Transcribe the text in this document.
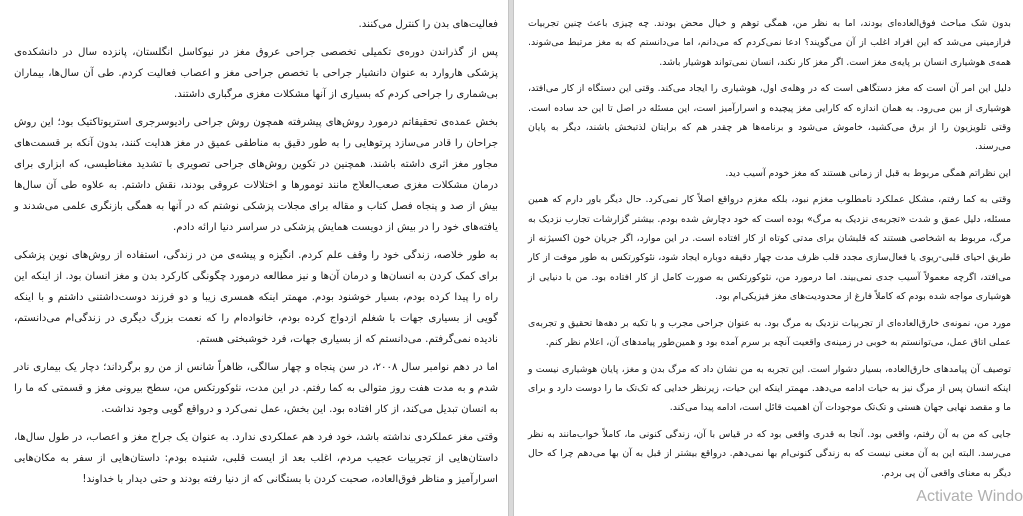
فعالیت‌های بدن را کنترل می‌کنند.

پس از گذراندن دوره‌ی تکمیلی تخصصی جراحی عروق مغز در نیوکاسل انگلستان، پانزده سال در دانشکده‌ی پزشکی هاروارد به عنوان دانشیار جراحی با تخصص جراحی مغز و اعصاب فعالیت کردم. طی آن سال‌ها، بیماران بی‌شماری را جراحی کردم که بسیاری از آنها مشکلات مغزی مرگباری داشتند.

بخش عمده‌ی تحقیقاتم درمورد روش‌های پیشرفته همچون روش جراحی رادیوسرجری استریوتاکتیک بود؛ این روش جراحان را قادر می‌سازد پرتوهایی را به طور دقیق به مناطقی عمیق در مغز هدایت کنند، بدون آنکه بر قسمت‌های مجاور مغز اثری داشته باشند. همچنین در تکوین روش‌های جراحی تصویری با تشدید مغناطیسی، که ابزاری برای درمان مشکلات مغزی صعب‌العلاج مانند تومورها و اختلالات عروقی بودند، نقش داشتم. به علاوه طی آن سال‌ها بیش از صد و پنجاه فصل کتاب و مقاله برای مجلات پزشکی نوشتم که در آنها به همگی بازنگری علمی می‌شدند و یافته‌های خود را در بیش از دویست همایش پزشکی در سراسر دنیا ارائه دادم.

به طور خلاصه، زندگی خود را وقف علم کردم. انگیزه و پیشه‌ی من در زندگی، استفاده از روش‌های نوین پزشکی برای کمک کردن به انسان‌ها و درمان آن‌ها و نیز مطالعه درمورد چگونگی کارکرد بدن و مغز انسان بود. از اینکه این راه را پیدا کرده بودم، بسیار خوشنود بودم. مهمتر اینکه همسری زیبا و دو فرزند دوست‌داشتنی داشتم و با اینکه گویی از بسیاری جهات با شغلم ازدواج کرده بودم، خانواده‌ام را که نعمت بزرگ دیگری در زندگی‌ام می‌دانستم، نادیده نمی‌گرفتم. می‌دانستم که از بسیاری جهات، فرد خوشبختی هستم.

اما در دهم نوامبر سال ۲۰۰۸، در سن پنجاه و چهار سالگی، ظاهراً شانس از من رو برگرداند؛ دچار یک بیماری نادر شدم و به مدت هفت روز متوالی به کما رفتم. در این مدت، نئوکورتکس من، سطح بیرونی مغز و قسمتی که ما را به انسان تبدیل می‌کند، از کار افتاده بود. این بخش، عمل نمی‌کرد و درواقع گویی وجود نداشت.

وقتی مغز عملکردی نداشته باشد، خود فرد هم عملکردی ندارد. به عنوان یک جراح مغز و اعصاب، در طول سال‌ها، داستان‌هایی از تجربیات عجیب مردم، اغلب بعد از ایست قلبی، شنیده بودم: داستان‌هایی از سفر به مکان‌هایی اسرارآمیز و مناظر فوق‌العاده، صحبت کردن با بستگانی که از دنیا رفته بودند و حتی دیدار با خداوند!

بدون شک مباحث فوق‌العاده‌ای بودند، اما به نظر من، همگی توهم و خیال محض بودند. چه چیزی باعث چنین تجربیات فرازمینی می‌شد که این افراد اغلب از آن می‌گویند؟ ادعا نمی‌کردم که می‌دانم، اما می‌دانستم که به مغز مرتبط می‌شوند. همه‌ی هوشیاری انسان بر پایه‌ی مغز است. اگر مغز کار نکند، انسان نمی‌تواند هوشیار باشد.

دلیل این امر آن است که مغز دستگاهی است که در وهله‌ی اول، هوشیاری را ایجاد می‌کند. وقتی این دستگاه از کار می‌افتد، هوشیاری از بین می‌رود. به همان اندازه که کارایی مغز پیچیده و اسرارآمیز است، این مسئله در اصل تا این حد ساده است. وقتی تلویزیون را از برق می‌کشید، خاموش می‌شود و برنامه‌ها هر چقدر هم که برایتان لذتبخش باشند، دیگر به پایان می‌رسند.

این نظراتم همگی مربوط به قبل از زمانی هستند که مغز خودم آسیب دید.

وقتی به کما رفتم، مشکل عملکرد نامطلوب مغزم نبود، بلکه مغزم درواقع اصلاً کار نمی‌کرد. حال دیگر باور دارم که همین مسئله، دلیل عمق و شدت «تجربه‌ی نزدیک به مرگ» بوده است که خود دچارش شده بودم. بیشتر گزارشات تجارب نزدیک به مرگ، مربوط به اشخاصی هستند که قلبشان برای مدتی کوتاه از کار افتاده است. در این موارد، اگر جریان خون اکسیژنه از طریق احیای قلبی-ریوی یا فعال‌سازی مجدد قلب ظرف مدت چهار دقیقه دوباره ایجاد شود، نئوکورتکس به طور موقت از کار می‌افتد، اگرچه معمولاً آسیب جدی نمی‌بیند. اما درمورد من، نئوکورتکس به صورت کامل از کار افتاده بود. من با دنیایی از هوشیاری مواجه شده بودم که کاملاً فارغ از محدودیت‌های مغز فیزیکی‌ام بود.

مورد من، نمونه‌ی خارق‌العاده‌ای از تجربیات نزدیک به مرگ بود. به عنوان جراحی مجرب و با تکیه بر دهه‌ها تحقیق و تجربه‌ی عملی اتاق عمل، می‌توانستم به خوبی در زمینه‌ی واقعیت آنچه بر سرم آمده بود و همین‌طور پیامدهای آن، اعلام نظر کنم.

توصیف آن پیامدهای خارق‌العاده، بسیار دشوار است. این تجربه به من نشان داد که مرگ بدن و مغز، پایان هوشیاری نیست و اینکه انسان پس از مرگ نیز به حیات ادامه می‌دهد. مهمتر اینکه این حیات، زیرنظر خدایی که تک‌تک ما را دوست دارد و برای ما و مقصد نهایی جهان هستی و تک‌تک موجودات آن اهمیت قائل است، ادامه پیدا می‌کند.

جایی که من به آن رفتم، واقعی بود. آنجا به قدری واقعی بود که در قیاس با آن، زندگی کنونی ما، کاملاً خواب‌مانند به نظر می‌رسد. البته این به آن معنی نیست که به زندگی کنونی‌ام بها نمی‌دهم. درواقع بیشتر از قبل به آن بها می‌دهم چرا که حال دیگر به معنای واقعی آن پی بردم.

Activate Windo
